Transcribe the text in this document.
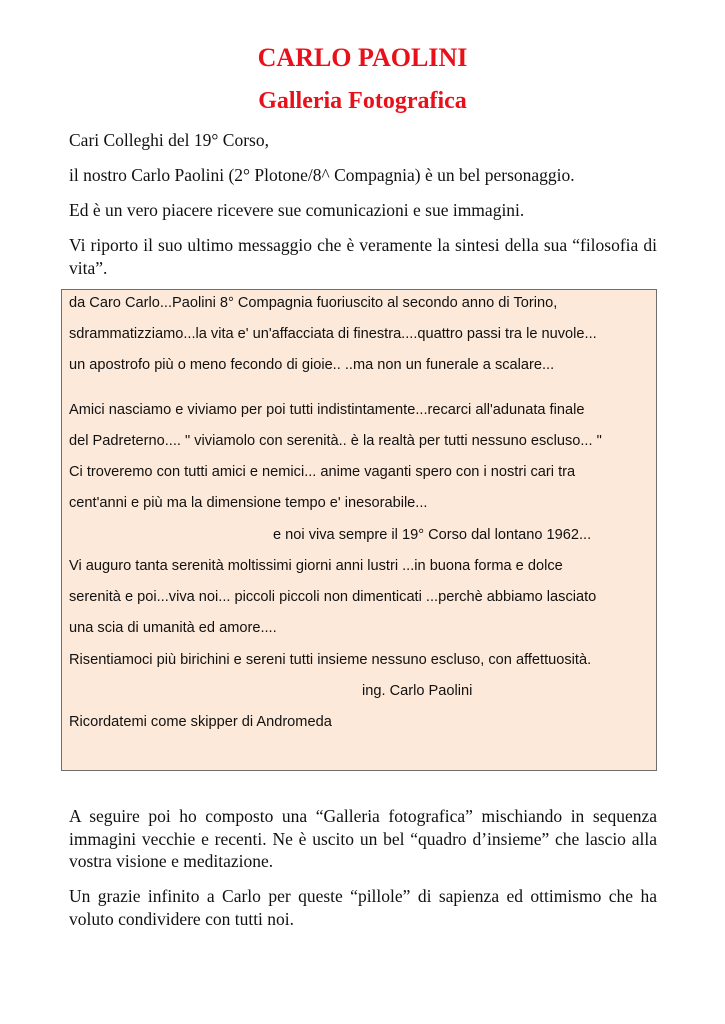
CARLO PAOLINI
Galleria Fotografica

Cari Colleghi del 19° Corso,

il nostro Carlo Paolini (2° Plotone/8^ Compagnia) è un bel personaggio.

Ed è un vero piacere ricevere sue comunicazioni e sue immagini.

Vi riporto il suo ultimo messaggio che è veramente la sintesi della sua “filosofia di vita”.

da Caro Carlo...Paolini 8° Compagnia fuoriuscito al secondo anno di Torino,

sdrammatizziamo...la vita e' un'affacciata di finestra....quattro passi tra le nuvole...

un apostrofo più o meno fecondo di gioie.. ..ma non un funerale a scalare...

Amici nasciamo e viviamo per poi tutti indistintamente...recarci all'adunata finale

del Padreterno.... " viviamolo con serenità.. è la realtà per tutti nessuno escluso... "

Ci troveremo con tutti amici e nemici... anime vaganti spero con i nostri cari tra

cent'anni e più ma la dimensione tempo e' inesorabile...

e noi viva sempre il 19° Corso dal lontano 1962...

Vi auguro tanta serenità moltissimi giorni anni lustri ...in buona forma e dolce

serenità e poi...viva noi... piccoli piccoli non dimenticati ...perchè abbiamo lasciato

una scia di umanità ed amore....

Risentiamoci più birichini e sereni tutti insieme nessuno escluso, con affettuosità.

ing. Carlo Paolini

Ricordatemi come skipper di Andromeda

A seguire poi ho composto una “Galleria fotografica” mischiando in sequenza immagini vecchie e recenti. Ne è uscito un bel “quadro d’insieme” che lascio alla vostra visione e meditazione.

Un grazie infinito a Carlo per queste “pillole” di sapienza ed ottimismo che ha voluto condividere con tutti noi.
